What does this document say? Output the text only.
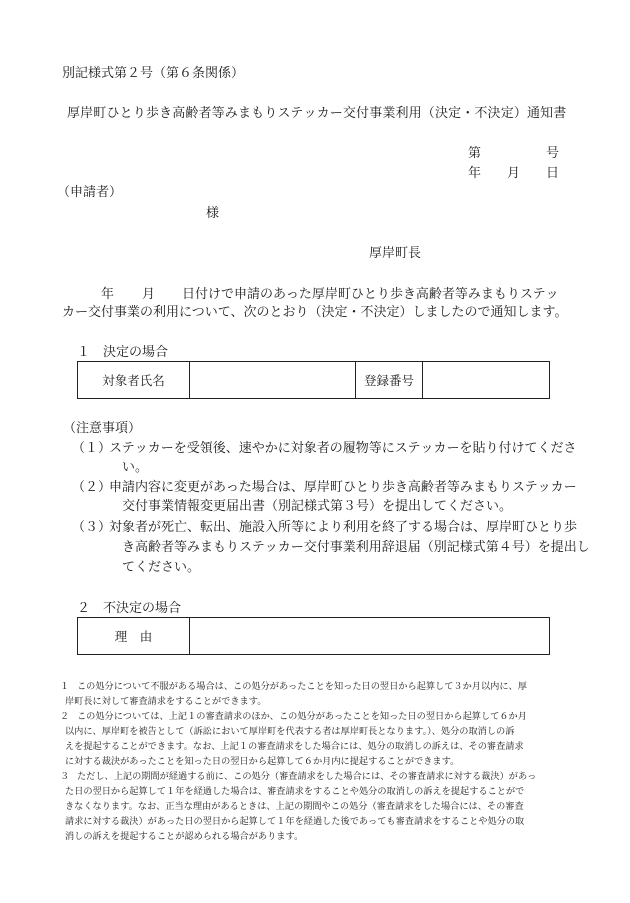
別記様式第２号（第６条関係）
厚岸町ひとり歩き高齢者等みまもりステッカー交付事業利用（決定・不決定）通知書
第	号
年 月 日
（申請者）
様
厚岸町長
年 月 日付けで申請のあった厚岸町ひとり歩き高齢者等みまもりステッ
カー交付事業の利用について、次のとおり（決定・不決定）しましたので通知します。
１　決定の場合
対象者氏名		登録番号	
（注意事項）
（１）
ステッカーを受領後、速やかに対象者の履物等にステッカーを貼り付けてくださ
い。
（２）
申請内容に変更があった場合は、厚岸町ひとり歩き高齢者等みまもりステッカー
交付事業情報変更届出書（別記様式第３号）を提出してください。
（３）
対象者が死亡、転出、施設入所等により利用を終了する場合は、厚岸町ひとり歩
き高齢者等みまもりステッカー交付事業利用辞退届（別記様式第４号）を提出し
てください。
２　不決定の場合
理　由	
１ この処分について不服がある場合は、この処分があったことを知った日の翌日から起算して３か月以内に、厚
岸町長に対して審査請求をすることができます。
２ この処分については、上記１の審査請求のほか、この処分があったことを知った日の翌日から起算して６か月
以内に、厚岸町を被告として（訴訟において厚岸町を代表する者は厚岸町長となります。）、処分の取消しの訴
えを提起することができます。なお、上記１の審査請求をした場合には、処分の取消しの訴えは、その審査請求
に対する裁決があったことを知った日の翌日から起算して６か月内に提起することができます。
３ ただし、上記の期間が経過する前に、この処分（審査請求をした場合には、その審査請求に対する裁決）があっ
た日の翌日から起算して１年を経過した場合は、審査請求をすることや処分の取消しの訴えを提起することがで
きなくなります。なお、正当な理由があるときは、上記の期間やこの処分（審査請求をした場合には、その審査
請求に対する裁決）があった日の翌日から起算して１年を経過した後であっても審査請求をすることや処分の取
消しの訴えを提起することが認められる場合があります。
